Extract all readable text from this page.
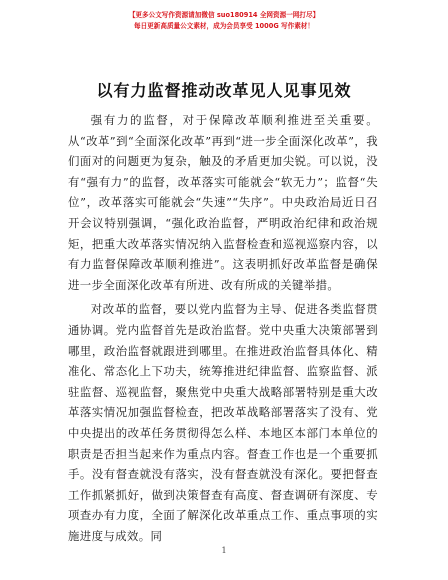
【更多公文写作资源请加微信 suo180914 全网资源一网打尽】
每日更新高质量公文素材，成为会员享受 1000G 写作素材！
以有力监督推动改革见人见事见效

强有力的监督，对于保障改革顺利推进至关重要。从“改革”到“全面深化改革”再到“进一步全面深化改革”，我们面对的问题更为复杂，触及的矛盾更加尖锐。可以说，没有“强有力”的监督，改革落实可能就会“软无力”；监督“失位”，改革落实可能就会“失速”“失序”。中央政治局近日召开会议特别强调，“强化政治监督，严明政治纪律和政治规矩，把重大改革落实情况纳入监督检查和巡视巡察内容，以有力监督保障改革顺利推进”。这表明抓好改革监督是确保进一步全面深化改革有所进、改有所成的关键举措。

对改革的监督，要以党内监督为主导、促进各类监督贯通协调。党内监督首先是政治监督。党中央重大决策部署到哪里，政治监督就跟进到哪里。在推进政治监督具体化、精准化、常态化上下功夫，统筹推进纪律监督、监察监督、派驻监督、巡视监督，聚焦党中央重大战略部署特别是重大改革落实情况加强监督检查，把改革战略部署落实了没有、党中央提出的改革任务贯彻得怎么样、本地区本部门本单位的职责是否担当起来作为重点内容。督查工作也是一个重要抓手。没有督查就没有落实，没有督查就没有深化。要把督查工作抓紧抓好，做到决策督查有高度、督查调研有深度、专项查办有力度，全面了解深化改革重点工作、重点事项的实施进度与成效。同

1
